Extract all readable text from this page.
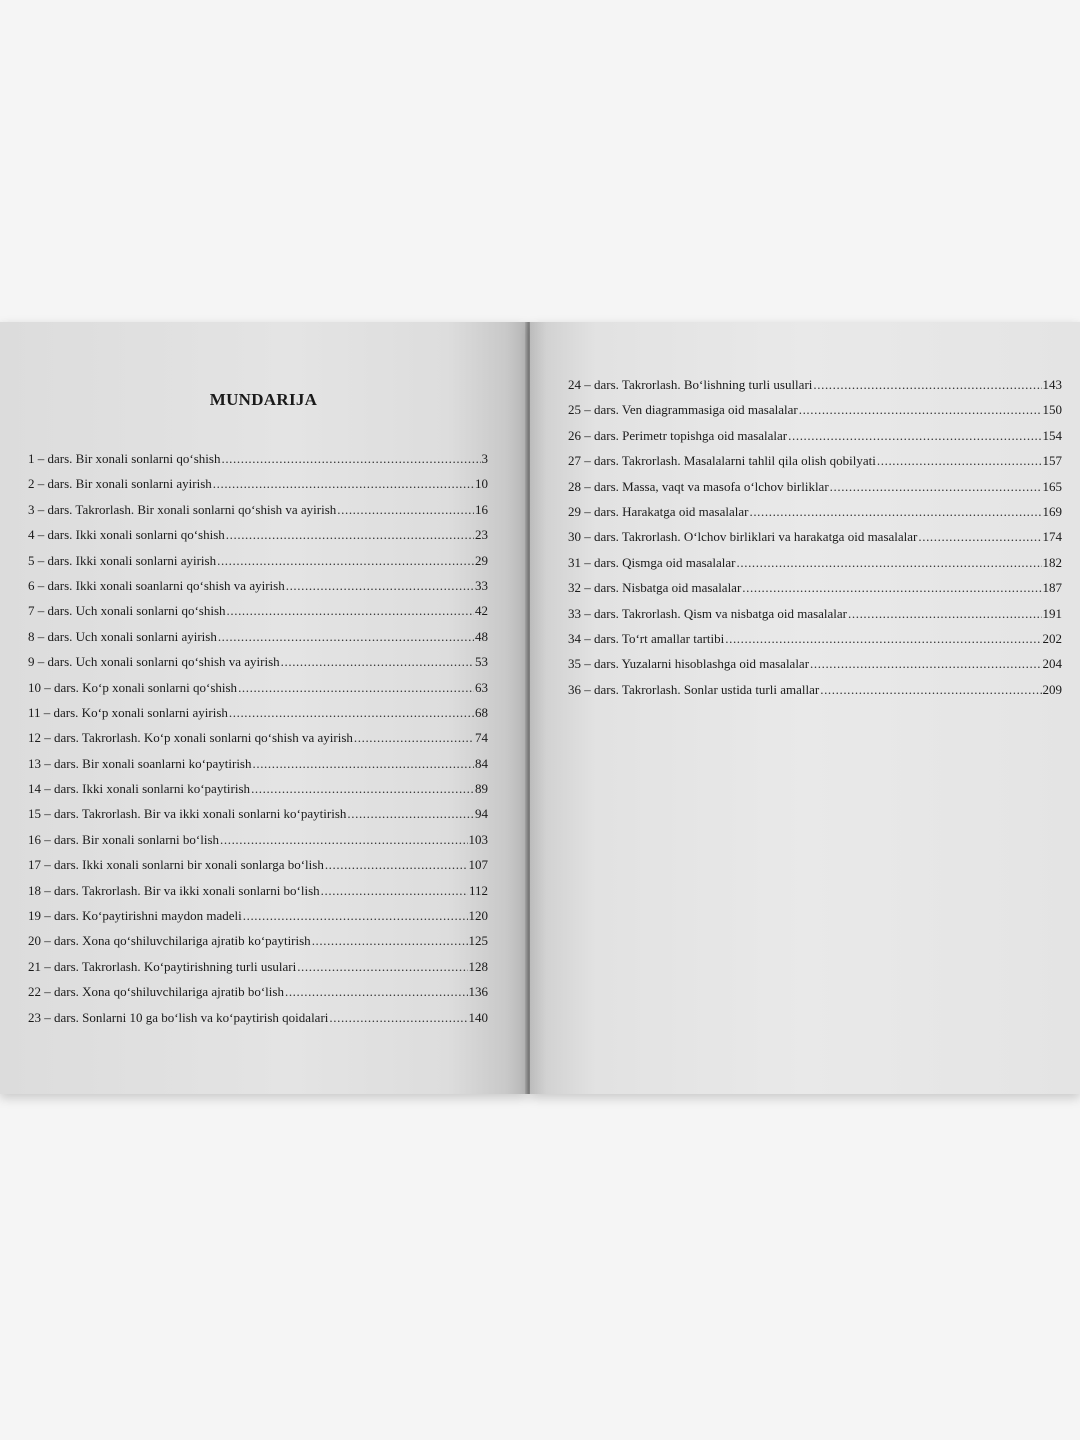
MUNDARIJA
1 – dars. Bir xonali sonlarni qo‘shish .....	3
2 – dars. Bir xonali sonlarni ayirish .....	10
3 – dars. Takrorlash. Bir xonali sonlarni qo‘shish va ayirish .....	16
4 – dars. Ikki xonali sonlarni qo‘shish .....	23
5 – dars. Ikki xonali sonlarni ayirish .....	29
6 – dars. Ikki xonali soanlarni qo‘shish va ayirish .....	33
7 – dars. Uch xonali sonlarni qo‘shish .....	42
8 – dars. Uch xonali sonlarni ayirish .....	48
9 – dars. Uch xonali sonlarni qo‘shish va ayirish .....	53
10 – dars. Ko‘p xonali sonlarni qo‘shish .....	63
11 – dars. Ko‘p xonali sonlarni ayirish .....	68
12 – dars. Takrorlash. Ko‘p xonali sonlarni qo‘shish va ayirish .....	74
13 – dars. Bir xonali soanlarni ko‘paytirish .....	84
14 – dars. Ikki xonali sonlarni ko‘paytirish .....	89
15 – dars. Takrorlash. Bir va ikki xonali sonlarni ko‘paytirish .....	94
16 – dars. Bir xonali sonlarni bo‘lish .....	103
17 – dars. Ikki xonali sonlarni bir xonali sonlarga bo‘lish .....	107
18 – dars. Takrorlash. Bir va ikki xonali sonlarni bo‘lish .....	112
19 – dars. Ko‘paytirishni maydon madeli .....	120
20 – dars. Xona qo‘shiluvchilariga ajratib ko‘paytirish .....	125
21 – dars. Takrorlash. Ko‘paytirishning turli usulari .....	128
22 – dars. Xona qo‘shiluvchilariga ajratib bo‘lish .....	136
23 – dars. Sonlarni 10 ga bo‘lish va ko‘paytirish qoidalari .....	140
24 – dars. Takrorlash. Bo‘lishning turli usullari .....	143
25 – dars. Ven diagrammasiga oid masalalar .....	150
26 – dars. Perimetr topishga oid masalalar .....	154
27 – dars. Takrorlash. Masalalarni tahlil qila olish qobilyati .....	157
28 – dars. Massa, vaqt va masofa o‘lchov birliklar .....	165
29 – dars. Harakatga oid masalalar .....	169
30 – dars. Takrorlash. O‘lchov birliklari va harakatga oid masalalar .....	174
31 – dars. Qismga oid masalalar .....	182
32 – dars. Nisbatga oid masalalar .....	187
33 – dars. Takrorlash. Qism va nisbatga oid masalalar .....	191
34 – dars. To‘rt amallar tartibi .....	202
35 – dars. Yuzalarni hisoblashga oid masalalar .....	204
36 – dars. Takrorlash. Sonlar ustida turli amallar .....	209
